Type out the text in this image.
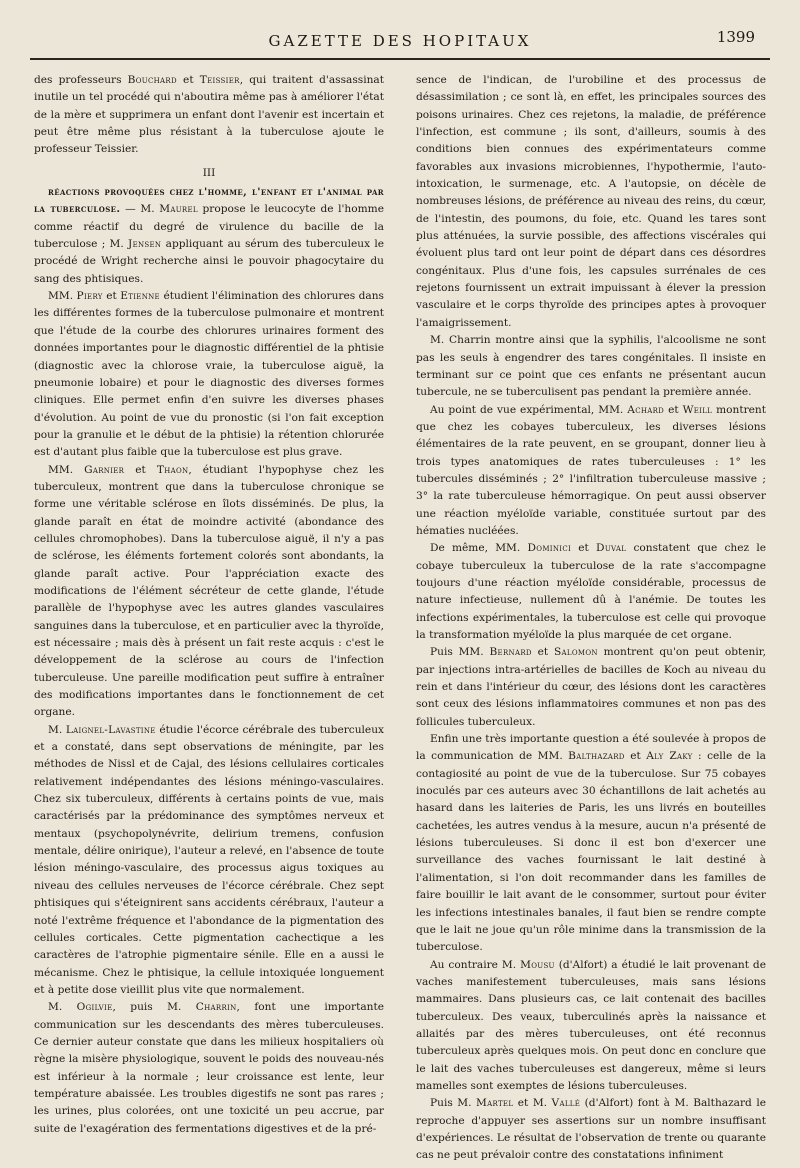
GAZETTE DES HOPITAUX	1399

des professeurs Bouchard et Teissier, qui traitent d'assassinat inutile un tel procédé qui n'aboutira même pas à améliorer l'état de la mère et supprimera un enfant dont l'avenir est incertain et peut être même plus résistant à la tuberculose ajoute le professeur Teissier.

III

réactions provoquées chez l'homme, l'enfant et l'animal par la tuberculose. — M. Maurel propose le leucocyte de l'homme comme réactif du degré de virulence du bacille de la tuberculose ; M. Jensen appliquant au sérum des tuberculeux le procédé de Wright recherche ainsi le pouvoir phagocytaire du sang des phtisiques.

MM. Piery et Etienne étudient l'élimination des chlorures dans les différentes formes de la tuberculose pulmonaire et montrent que l'étude de la courbe des chlorures urinaires forment des données importantes pour le diagnostic différentiel de la phtisie (diagnostic avec la chlorose vraie, la tuberculose aiguë, la pneumonie lobaire) et pour le diagnostic des diverses formes cliniques. Elle permet enfin d'en suivre les diverses phases d'évolution. Au point de vue du pronostic (si l'on fait exception pour la granulie et le début de la phtisie) la rétention chlorurée est d'autant plus faible que la tuberculose est plus grave.

MM. Garnier et Thaon, étudiant l'hypophyse chez les tuberculeux, montrent que dans la tuberculose chronique se forme une véritable sclérose en îlots disséminés. De plus, la glande paraît en état de moindre activité (abondance des cellules chromophobes). Dans la tuberculose aiguë, il n'y a pas de sclérose, les éléments fortement colorés sont abondants, la glande paraît active. Pour l'appréciation exacte des modifications de l'élément sécréteur de cette glande, l'étude parallèle de l'hypophyse avec les autres glandes vasculaires sanguines dans la tuberculose, et en particulier avec la thyroïde, est nécessaire ; mais dès à présent un fait reste acquis : c'est le développement de la sclérose au cours de l'infection tuberculeuse. Une pareille modification peut suffire à entraîner des modifications importantes dans le fonctionnement de cet organe.

M. Laignel-Lavastine étudie l'écorce cérébrale des tuberculeux et a constaté, dans sept observations de méningite, par les méthodes de Nissl et de Cajal, des lésions cellulaires corticales relativement indépendantes des lésions méningo-vasculaires. Chez six tuberculeux, différents à certains points de vue, mais caractérisés par la prédominance des symptômes nerveux et mentaux (psychopolynévrite, delirium tremens, confusion mentale, délire onirique), l'auteur a relevé, en l'absence de toute lésion méningo-vasculaire, des processus aigus toxiques au niveau des cellules nerveuses de l'écorce cérébrale. Chez sept phtisiques qui s'éteignirent sans accidents cérébraux, l'auteur a noté l'extrême fréquence et l'abondance de la pigmentation des cellules corticales. Cette pigmentation cachectique a les caractères de l'atrophie pigmentaire sénile. Elle en a aussi le mécanisme. Chez le phtisique, la cellule intoxiquée longuement et à petite dose vieillit plus vite que normalement.

M. Ogilvie, puis M. Charrin, font une importante communication sur les descendants des mères tuberculeuses. Ce dernier auteur constate que dans les milieux hospitaliers où règne la misère physiologique, souvent le poids des nouveau-nés est inférieur à la normale ; leur croissance est lente, leur température abaissée. Les troubles digestifs ne sont pas rares ; les urines, plus colorées, ont une toxicité un peu accrue, par suite de l'exagération des fermentations digestives et de la pré-

sence de l'indican, de l'urobiline et des processus de désassimilation ; ce sont là, en effet, les principales sources des poisons urinaires. Chez ces rejetons, la maladie, de préférence l'infection, est commune ; ils sont, d'ailleurs, soumis à des conditions bien connues des expérimentateurs comme favorables aux invasions microbiennes, l'hypothermie, l'auto-intoxication, le surmenage, etc. A l'autopsie, on décèle de nombreuses lésions, de préférence au niveau des reins, du cœur, de l'intestin, des poumons, du foie, etc. Quand les tares sont plus atténuées, la survie possible, des affections viscérales qui évoluent plus tard ont leur point de départ dans ces désordres congénitaux. Plus d'une fois, les capsules surrénales de ces rejetons fournissent un extrait impuissant à élever la pression vasculaire et le corps thyroïde des principes aptes à provoquer l'amaigrissement.

M. Charrin montre ainsi que la syphilis, l'alcoolisme ne sont pas les seuls à engendrer des tares congénitales. Il insiste en terminant sur ce point que ces enfants ne présentant aucun tubercule, ne se tuberculisent pas pendant la première année.

Au point de vue expérimental, MM. Achard et Weill montrent que chez les cobayes tuberculeux, les diverses lésions élémentaires de la rate peuvent, en se groupant, donner lieu à trois types anatomiques de rates tuberculeuses : 1° les tubercules disséminés ; 2° l'infiltration tuberculeuse massive ; 3° la rate tuberculeuse hémorragique. On peut aussi observer une réaction myéloïde variable, constituée surtout par des hématies nucléées.

De même, MM. Dominici et Duval constatent que chez le cobaye tuberculeux la tuberculose de la rate s'accompagne toujours d'une réaction myéloïde considérable, processus de nature infectieuse, nullement dû à l'anémie. De toutes les infections expérimentales, la tuberculose est celle qui provoque la transformation myéloïde la plus marquée de cet organe.

Puis MM. Bernard et Salomon montrent qu'on peut obtenir, par injections intra-artérielles de bacilles de Koch au niveau du rein et dans l'intérieur du cœur, des lésions dont les caractères sont ceux des lésions inflammatoires communes et non pas des follicules tuberculeux.

Enfin une très importante question a été soulevée à propos de la communication de MM. Balthazard et Aly Zaky : celle de la contagiosité au point de vue de la tuberculose. Sur 75 cobayes inoculés par ces auteurs avec 30 échantillons de lait achetés au hasard dans les laiteries de Paris, les uns livrés en bouteilles cachetées, les autres vendus à la mesure, aucun n'a présenté de lésions tuberculeuses. Si donc il est bon d'exercer une surveillance des vaches fournissant le lait destiné à l'alimentation, si l'on doit recommander dans les familles de faire bouillir le lait avant de le consommer, surtout pour éviter les infections intestinales banales, il faut bien se rendre compte que le lait ne joue qu'un rôle minime dans la transmission de la tuberculose.

Au contraire M. Mousu (d'Alfort) a étudié le lait provenant de vaches manifestement tuberculeuses, mais sans lésions mammaires. Dans plusieurs cas, ce lait contenait des bacilles tuberculeux. Des veaux, tuberculinés après la naissance et allaités par des mères tuberculeuses, ont été reconnus tuberculeux après quelques mois. On peut donc en conclure que le lait des vaches tuberculeuses est dangereux, même si leurs mamelles sont exemptes de lésions tuberculeuses.

Puis M. Martel et M. Vallé (d'Alfort) font à M. Balthazard le reproche d'appuyer ses assertions sur un nombre insuffisant d'expériences. Le résultat de l'observation de trente ou quarante cas ne peut prévaloir contre des constatations infiniment
